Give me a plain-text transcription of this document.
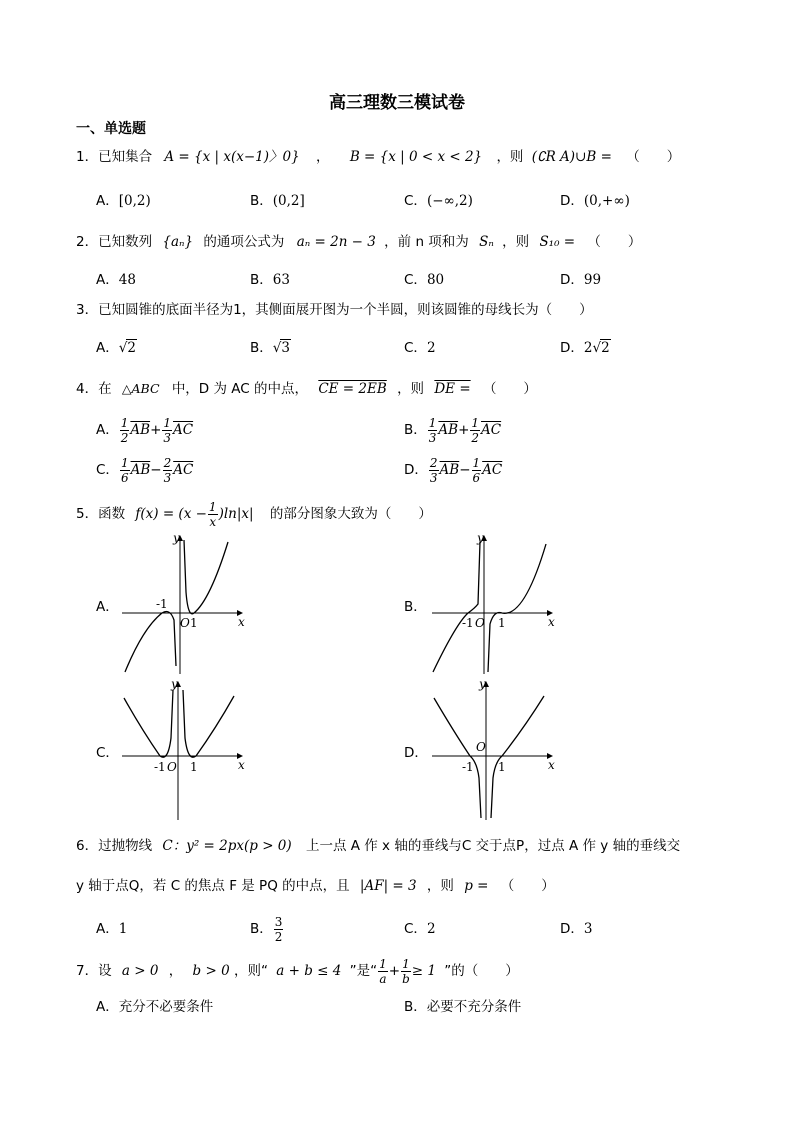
高三理数三模试卷
一、单选题
1．已知集合 A = {x | x(x−1)〉0} ， B = {x | 0 < x < 2} ，则 (∁R A)∪B = （　　）
A．[0,2)	B．(0,2]	C．(−∞,2)	D．(0,+∞)
2．已知数列 {aₙ} 的通项公式为 aₙ = 2n − 3 ，前 n 项和为 Sₙ ，则 S₁₀ = （　　）
A．48	B．63	C．80	D．99
3．已知圆锥的底面半径为1，其侧面展开图为一个半圆，则该圆锥的母线长为（　　）
A．√2	B．√3	C．2	D．2√2
4．在 △ABC 中，D 为 AC 的中点， CE = 2EB ，则 DE = （　　）
A． $\frac{1}{2} \overline{AB}+ \frac{1}{3} \overline{AC}$	B． $\frac{1}{3} \overline{AB}+ \frac{1}{2} \overline{AC}$
C． $\frac{1}{6} \overline{AB}- \frac{2}{3} \overline{AC}$	D． $\frac{2}{3} \overline{AB}- \frac{1}{6} \overline{AC}$
5．函数 $f(x) = (x - \frac{1}{x} )\ln|x|$ 的部分图象大致为（　　）
A．	B．
C．	D．
y
x
-1
O 1
y
x
-1 O 1
y
x
-1 O 1
y
x
-1
O
1
6．过抛物线 C：y² = 2px(p > 0) 上一点 A 作 x 轴的垂线与C 交于点P，过点 A 作 y 轴的垂线交
y 轴于点Q，若 C 的焦点 F 是 PQ 的中点，且 |AF| = 3 ，则 p = （　　）
A．1	B． $\frac{3}{2}$	C．2	D．3
7．设 a > 0 ， b > 0 ，则“ a + b ≤ 4 ”是“ $\frac{1}{a} + \frac{1}{b} \ge 1$ ”的（　　）
A．充分不必要条件	B．必要不充分条件
